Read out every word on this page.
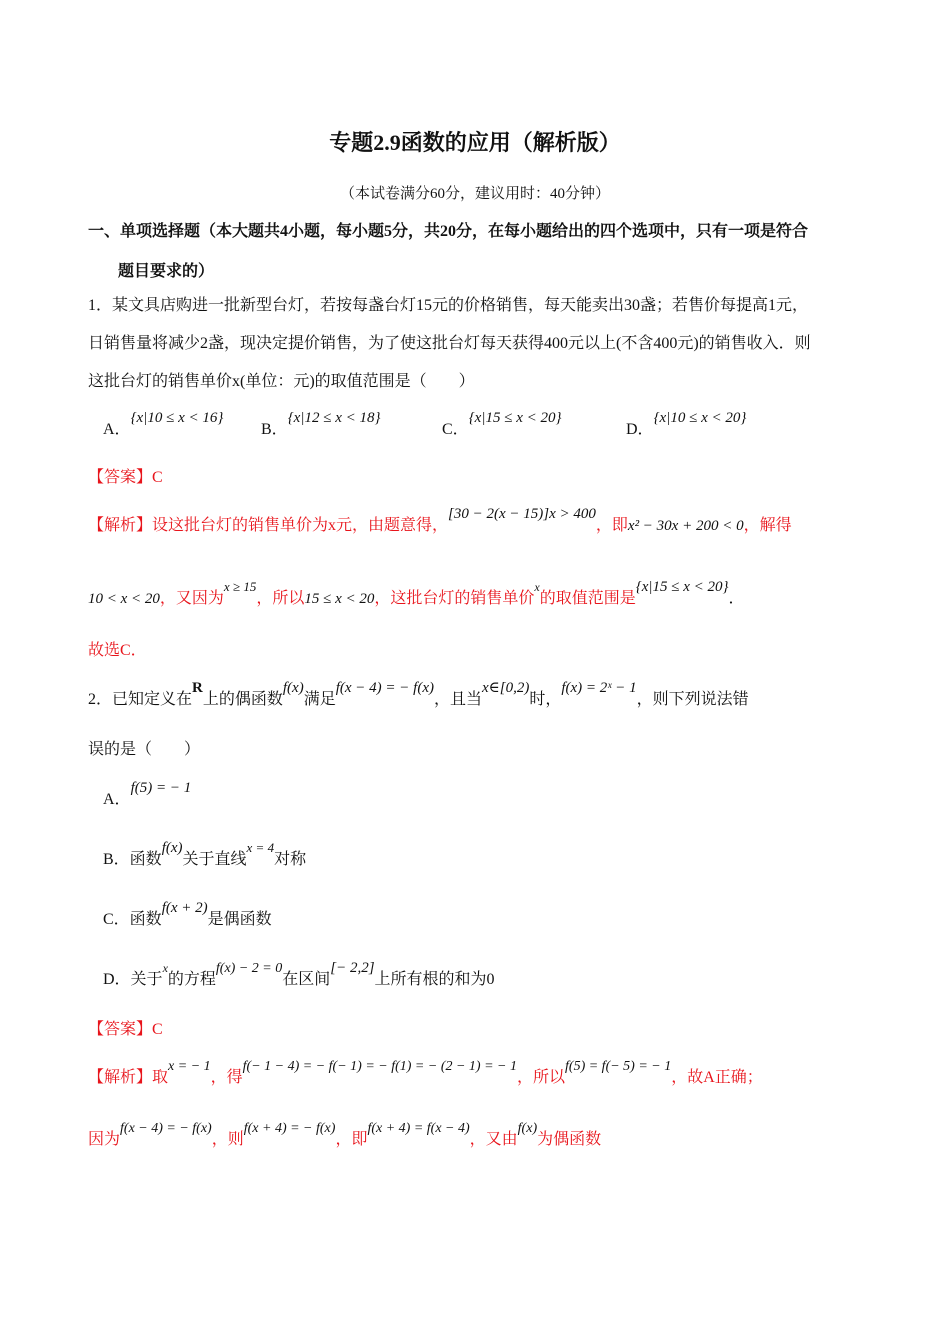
专题2.9函数的应用（解析版）
（本试卷满分60分，建议用时：40分钟）
一、单项选择题（本大题共4小题，每小题5分，共20分，在每小题给出的四个选项中，只有一项是符合
题目要求的）
1．某文具店购进一批新型台灯，若按每盏台灯15元的价格销售，每天能卖出30盏；若售价每提高1元，
日销售量将减少2盏，现决定提价销售，为了使这批台灯每天获得400元以上(不含400元)的销售收入．则
这批台灯的销售单价x(单位：元)的取值范围是（　　）
A．{x|10 ≤ x < 16}
B．{x|12 ≤ x < 18}
C．{x|15 ≤ x < 20}
D．{x|10 ≤ x < 20}
【答案】C
【解析】设这批台灯的销售单价为x元，由题意得，[30 − 2(x − 15)]x > 400，即x² − 30x + 200 < 0，解得
10 < x < 20，又因为$^{x \ge 15}$，所以15 ≤ x < 20，这批台灯的销售单价$^x$的取值范围是{x|15 ≤ x < 20}．
故选C．
2．已知定义在R上的偶函数f(x)满足f(x − 4) = − f(x)，且当x∈[0,2)时，f(x) = 2ˣ − 1，则下列说法错
误的是（　　）
A．f(5) = − 1
B．函数f(x)关于直线$^{x = 4}$对称
C．函数f(x + 2)是偶函数
D．关于$^x$的方程f(x) − 2 = 0在区间[− 2,2]上所有根的和为0
【答案】C
【解析】取x = − 1，得f(− 1 − 4) = − f(− 1) = − f(1) = − (2 − 1) = − 1，所以f(5) = f(− 5) = − 1，故A正确；
因为f(x − 4) = − f(x)，则f(x + 4) = − f(x)，即f(x + 4) = f(x − 4)，又由f(x)为偶函数
